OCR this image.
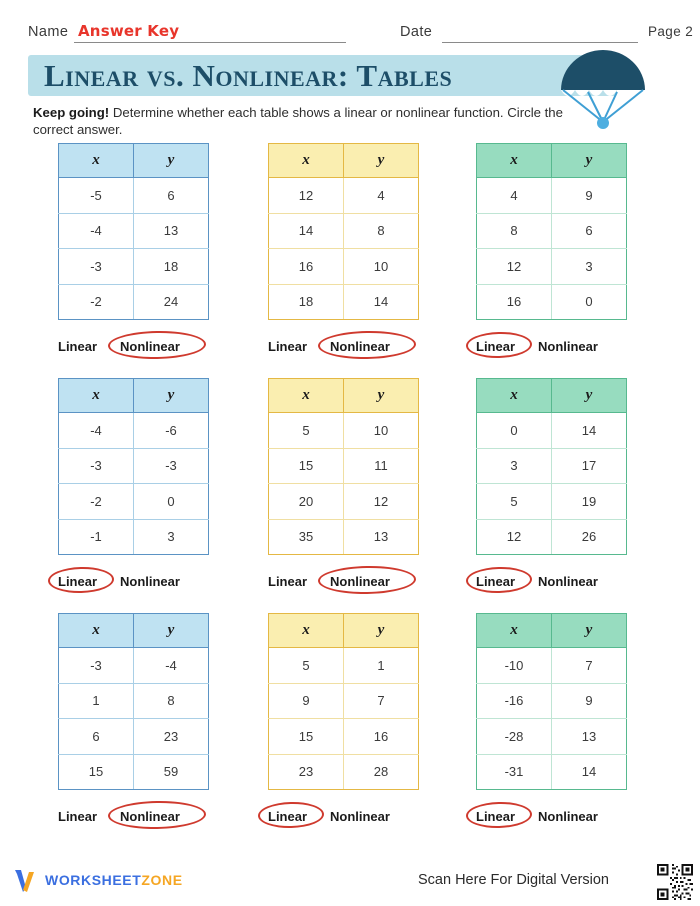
Name Answer Key	Date	Page 2
Linear vs. Nonlinear: Tables
Keep going! Determine whether each table shows a linear or nonlinear function. Circle the correct answer.
x	y
-5	6
-4	13
-3	18
-2	24
Linear Nonlinear
x	y
12	4
14	8
16	10
18	14
Linear Nonlinear
x	y
4	9
8	6
12	3
16	0
Linear Nonlinear
x	y
-4	-6
-3	-3
-2	0
-1	3
Linear Nonlinear
x	y
5	10
15	11
20	12
35	13
Linear Nonlinear
x	y
0	14
3	17
5	19
12	26
Linear Nonlinear
x	y
-3	-4
1	8
6	23
15	59
Linear Nonlinear
x	y
5	1
9	7
15	16
23	28
Linear Nonlinear
x	y
-10	7
-16	9
-28	13
-31	14
Linear Nonlinear
WORKSHEETZONE	Scan Here For Digital Version
